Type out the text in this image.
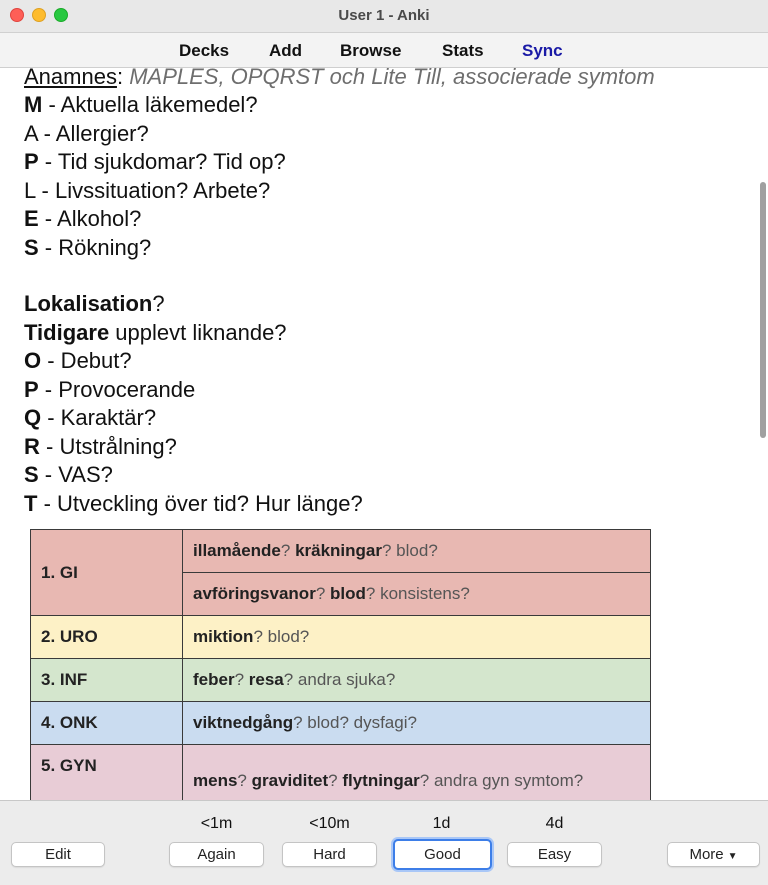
User 1 - Anki
Decks Add Browse Stats Sync
Anamnes: MAPLES, OPQRST och Lite Till, associerade symtom
M - Aktuella läkemedel?
A - Allergier?
P - Tid sjukdomar? Tid op?
L - Livssituation? Arbete?
E - Alkohol?
S - Rökning?
Lokalisation?
Tidigare upplevt liknande?
O - Debut?
P - Provocerande
Q - Karaktär?
R - Utstrålning?
S - VAS?
T - Utveckling över tid? Hur länge?
1. GI	illamående? kräkningar? blod?
	avföringsvanor? blod? konsistens?
2. URO	miktion? blod?
3. INF	feber? resa? andra sjuka?
4. ONK	viktnedgång? blod? dysfagi?
5. GYN	mens? graviditet? flytningar? andra gyn symtom?
<1m	<10m	1d	4d
Edit	Again	Hard	Good	Easy	More ▼
